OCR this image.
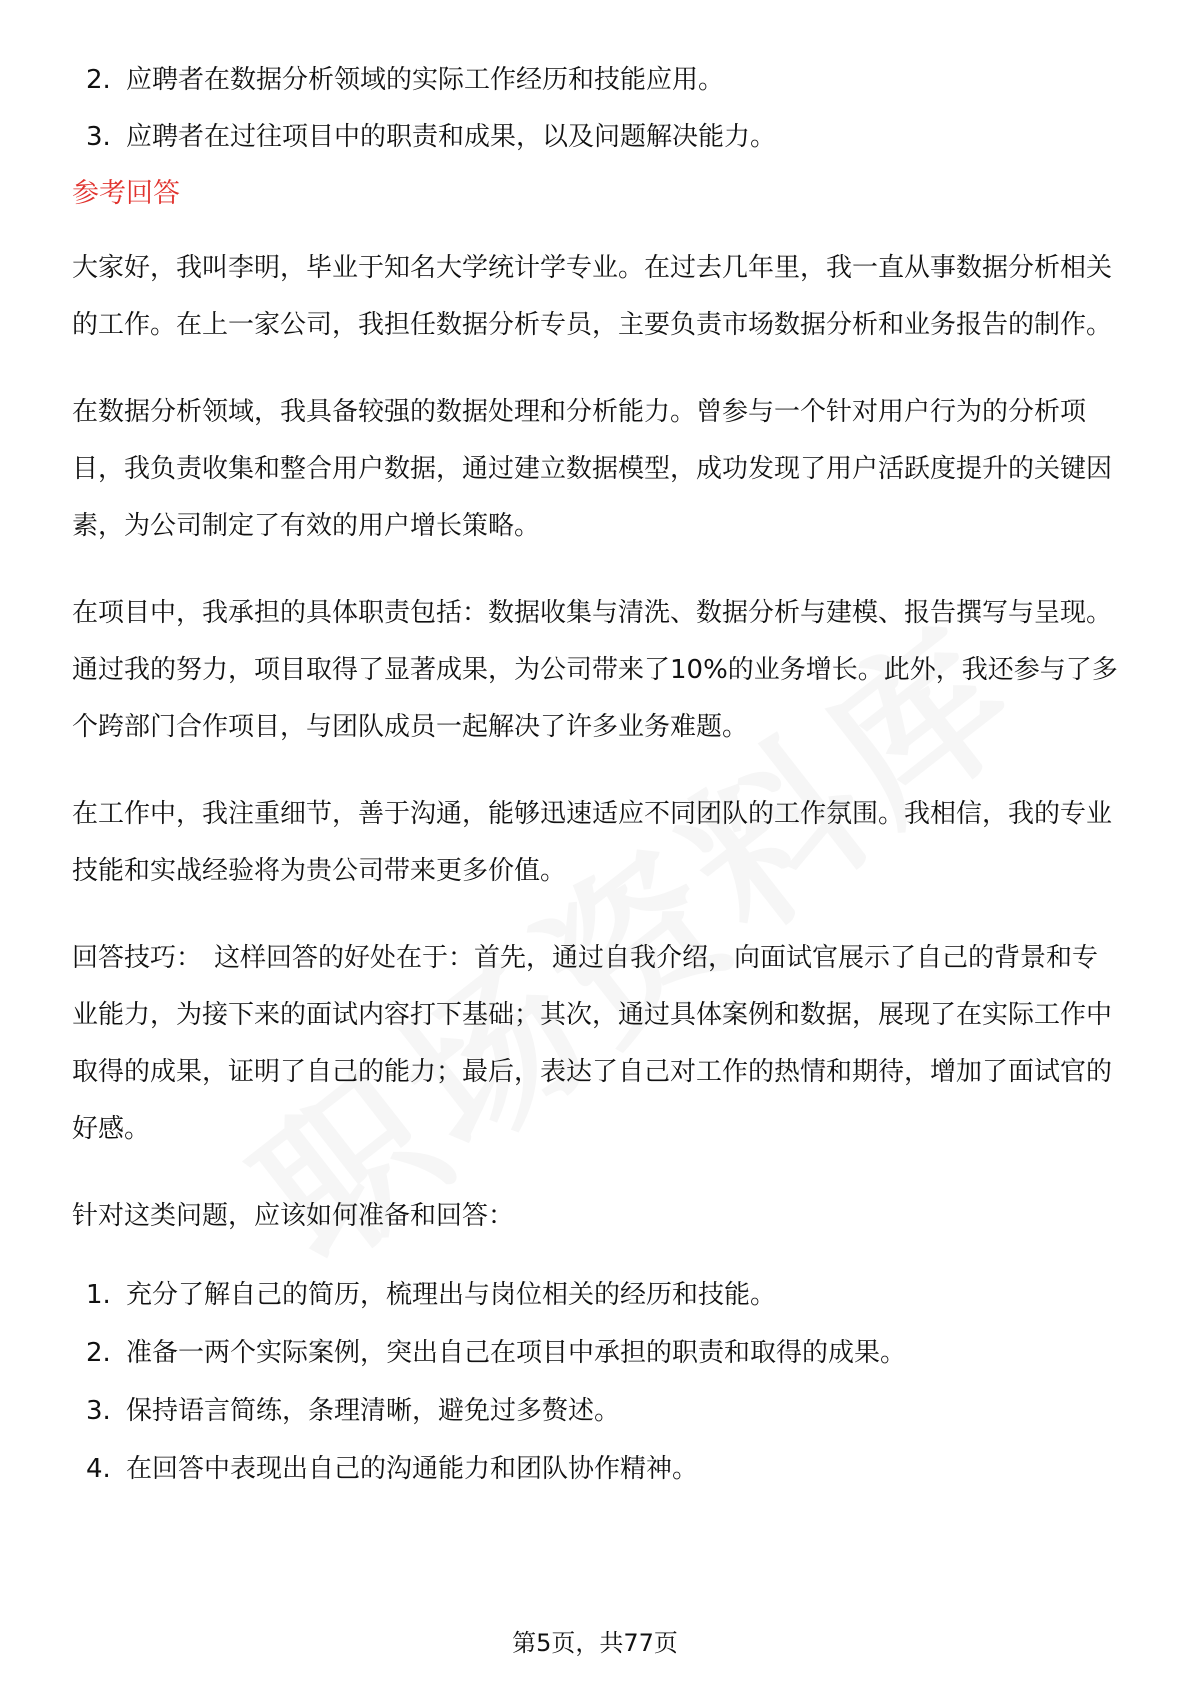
2. 应聘者在数据分析领域的实际工作经历和技能应用。
3. 应聘者在过往项目中的职责和成果，以及问题解决能力。
参考回答

大家好，我叫李明，毕业于知名大学统计学专业。在过去几年里，我一直从事数据分析相关的工作。在上一家公司，我担任数据分析专员，主要负责市场数据分析和业务报告的制作。

在数据分析领域，我具备较强的数据处理和分析能力。曾参与一个针对用户行为的分析项目，我负责收集和整合用户数据，通过建立数据模型，成功发现了用户活跃度提升的关键因素，为公司制定了有效的用户增长策略。

在项目中，我承担的具体职责包括：数据收集与清洗、数据分析与建模、报告撰写与呈现。通过我的努力，项目取得了显著成果，为公司带来了10%的业务增长。此外，我还参与了多个跨部门合作项目，与团队成员一起解决了许多业务难题。

在工作中，我注重细节，善于沟通，能够迅速适应不同团队的工作氛围。我相信，我的专业技能和实战经验将为贵公司带来更多价值。

回答技巧： 这样回答的好处在于：首先，通过自我介绍，向面试官展示了自己的背景和专业能力，为接下来的面试内容打下基础；其次，通过具体案例和数据，展现了在实际工作中取得的成果，证明了自己的能力；最后，表达了自己对工作的热情和期待，增加了面试官的好感。

针对这类问题，应该如何准备和回答：

1. 充分了解自己的简历，梳理出与岗位相关的经历和技能。
2. 准备一两个实际案例，突出自己在项目中承担的职责和取得的成果。
3. 保持语言简练，条理清晰，避免过多赘述。
4. 在回答中表现出自己的沟通能力和团队协作精神。
第5页，共77页
